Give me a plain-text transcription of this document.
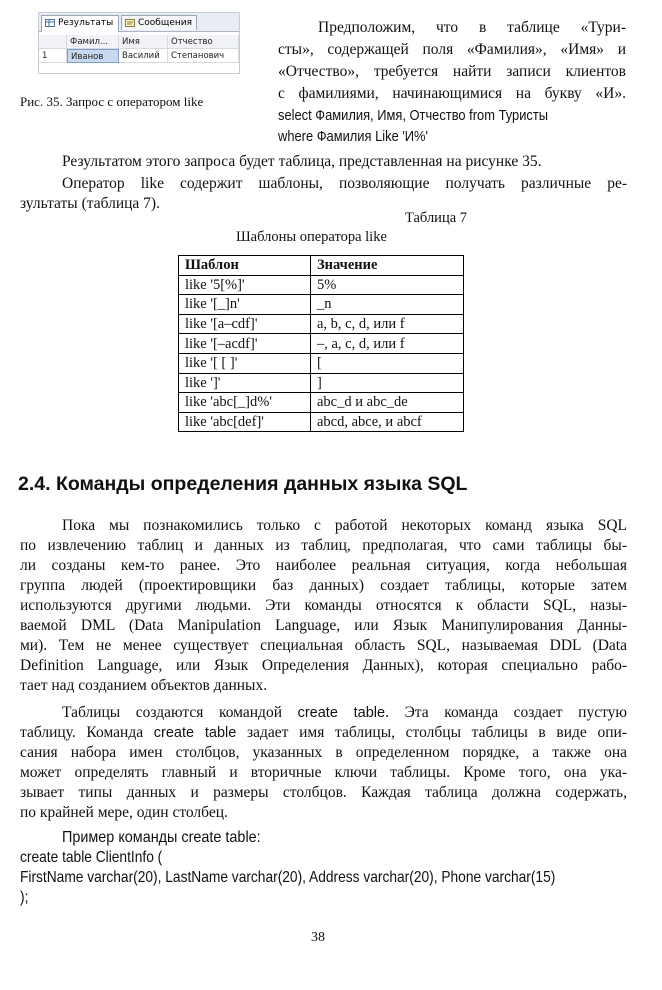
Результаты	Сообщения
Фамил...	Имя	Отчество
1	Иванов	Василий	Степанович
Рис. 35. Запрос с оператором like
Предположим, что в таблице «Тури-
сты», содержащей поля «Фамилия», «Имя» и
«Отчество», требуется найти записи клиентов
с фамилиями, начинающимися на букву «И».
select Фамилия, Имя, Отчество from Туристы
where Фамилия Like 'И%'
Результатом этого запроса будет таблица, представленная на рисунке 35.
Оператор like содержит шаблоны, позволяющие получать различные ре-
зультаты (таблица 7).
Таблица 7
Шаблоны оператора like
Шаблон	Значение
like '5[%]'	5%
like '[_]n'	_n
like '[a–cdf]'	a, b, c, d, или f
like '[–acdf]'	–, a, c, d, или f
like '[ [ ]'	[
like ']'	]
like 'abc[_]d%'	abc_d и abc_de
like 'abc[def]'	abcd, abce, и abcf
2.4. Команды определения данных языка SQL
Пока мы познакомились только с работой некоторых команд языка SQL
по извлечению таблиц и данных из таблиц, предполагая, что сами таблицы бы-
ли созданы кем-то ранее. Это наиболее реальная ситуация, когда небольшая
группа людей (проектировщики баз данных) создает таблицы, которые затем
используются другими людьми. Эти команды относятся к области SQL, назы-
ваемой DML (Data Manipulation Language, или Язык Манипулирования Данны-
ми). Тем не менее существует специальная область SQL, называемая DDL (Data
Definition Language, или Язык Определения Данных), которая специально рабо-
тает над созданием объектов данных.
Таблицы создаются командой create table. Эта команда создает пустую
таблицу. Команда create table задает имя таблицы, столбцы таблицы в виде опи-
сания набора имен столбцов, указанных в определенном порядке, а также она
может определять главный и вторичные ключи таблицы. Кроме того, она ука-
зывает типы данных и размеры столбцов. Каждая таблица должна содержать,
по крайней мере, один столбец.
Пример команды create table:
create table ClientInfo (
FirstName varchar(20), LastName varchar(20), Address varchar(20), Phone varchar(15)
);
38
